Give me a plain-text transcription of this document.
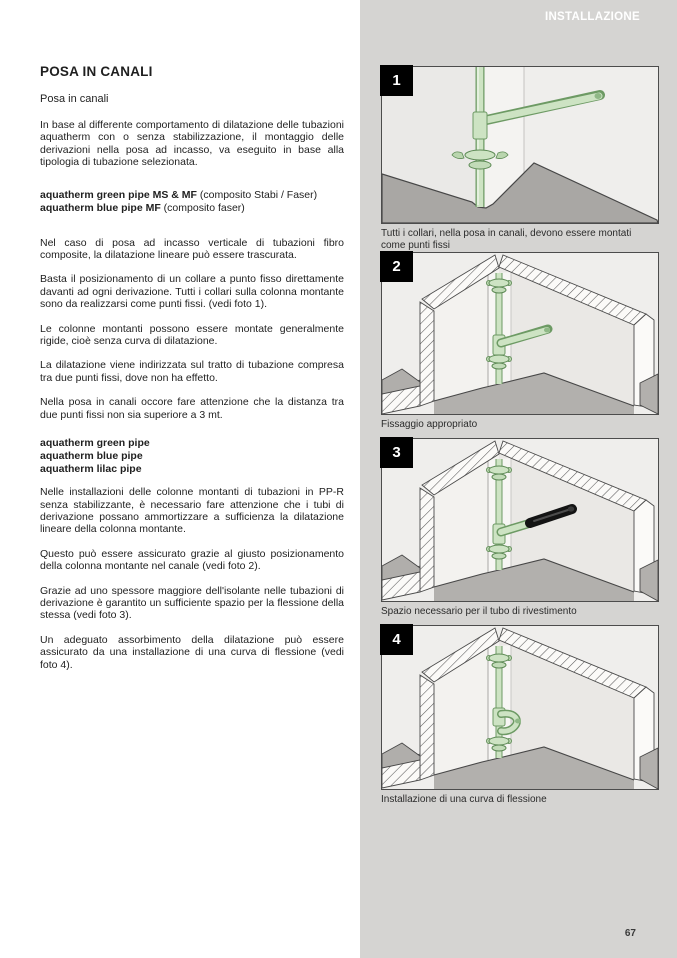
POSA IN CANALI

Posa in canali

In base al differente comportamento di dilatazione delle tubazioni aquatherm con o senza stabilizzazione, il montaggio delle derivazioni nella posa ad incasso, va eseguito in base alla tipologia di tubazione selezionata.

aquatherm green pipe MS & MF (composito Stabi / Faser)

aquatherm blue pipe MF (composito faser)

Nel caso di posa ad incasso verticale di tubazioni fibro composite, la dilatazione lineare può essere trascurata.

Basta il posizionamento di un collare a punto fisso direttamente davanti ad ogni derivazione. Tutti i collari sulla colonna montante sono da realizzarsi come punti fissi. (vedi foto 1).

Le colonne montanti possono essere montate generalmente rigide, cioè senza curva di dilatazione.

La dilatazione viene indirizzata sul tratto di tubazione compresa tra due punti fissi, dove non ha effetto.

Nella posa in canali occore fare attenzione che la distanza tra due punti fissi non sia superiore a 3 mt.

aquatherm green pipe

aquatherm blue pipe

aquatherm lilac pipe

Nelle installazioni delle colonne montanti di tubazioni in PP-R senza stabilizzante, è necessario fare attenzione che i tubi di derivazione possano ammortizzare a sufficienza la dilatazione lineare della colonna montante.

Questo può essere assicurato grazie al giusto posizionamento della colonna montante nel canale (vedi foto 2).

Grazie ad uno spessore maggiore dell'isolante nelle tubazioni di derivazione è garantito un sufficiente spazio per la flessione della stessa (vedi foto 3).

Un adeguato assorbimento della dilatazione può essere assicurato da una installazione di una curva di flessione (vedi foto 4).

INSTALLAZIONE
1
Tutti i collari, nella posa in canali, devono essere montati come punti fissi
2
Fissaggio appropriato
3
Spazio necessario per il tubo di rivestimento
4
Installazione di una curva di flessione
67
